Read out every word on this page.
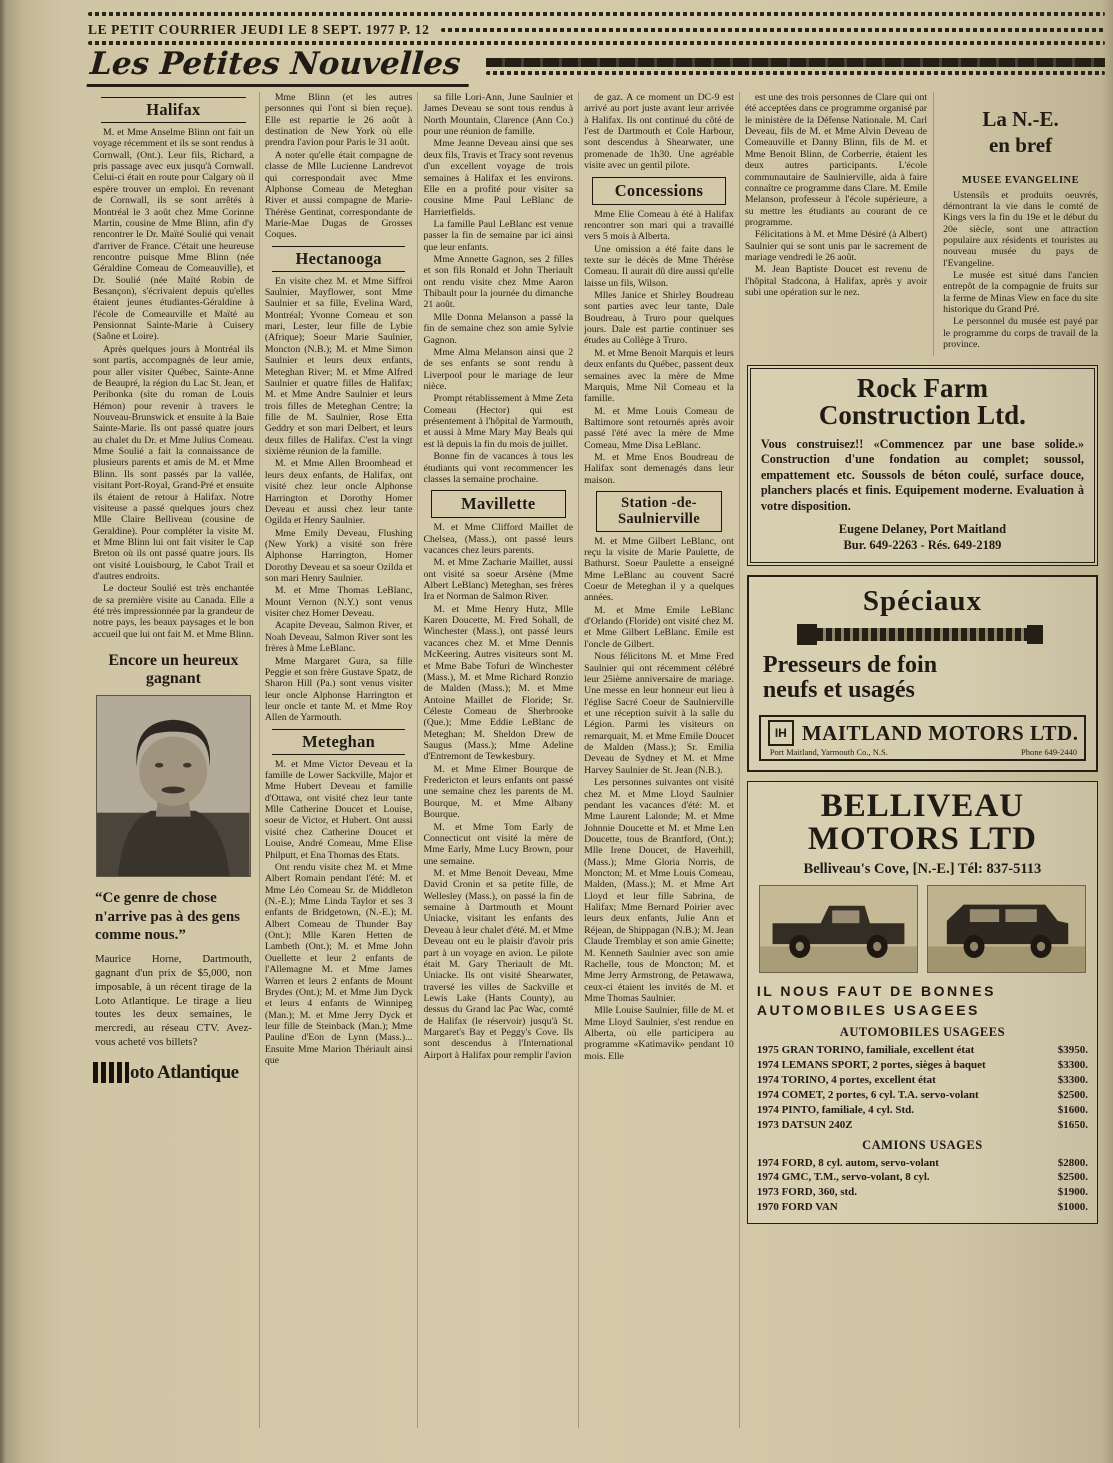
LE PETIT COURRIER JEUDI LE 8 SEPT. 1977 P. 12
Les Petites Nouvelles
Halifax

M. et Mme Anselme Blinn ont fait un voyage récemment et ils se sont rendus à Cornwall, (Ont.). Leur fils, Richard, a pris passage avec eux jusqu'à Cornwall. Celui-ci était en route pour Calgary où il espère trouver un emploi. En revenant de Cornwall, ils se sont arrêtés à Montréal le 3 août chez Mme Corinne Martin, cousine de Mme Blinn, afin d'y rencontrer le Dr. Maïté Soulié qui venait d'arriver de France. C'était une heureuse rencontre puisque Mme Blinn (née Géraldine Comeau de Comeauville), et Dr. Soulié (née Maïté Robin de Besançon), s'écrivaient depuis qu'elles étaient jeunes étudiantes-Géraldine à l'école de Comeauville et Maïté au Pensionnat Sainte-Marie à Cuisery (Saône et Loire).

Après quelques jours à Montréal ils sont partis, accompagnés de leur amie, pour aller visiter Québec, Sainte-Anne de Beaupré, la région du Lac St. Jean, et Peribonka (site du roman de Louis Hémon) pour revenir à travers le Nouveau-Brunswick et ensuite à la Baie Sainte-Marie. Ils ont passé quatre jours au chalet du Dr. et Mme Julius Comeau. Mme Soulié a fait la connaissance de plusieurs parents et amis de M. et Mme Blinn. Ils sont passés par la vallée, visitant Port-Royal, Grand-Pré et ensuite ils étaient de retour à Halifax. Notre visiteuse a passé quelques jours chez Mlle Claire Belliveau (cousine de Geraldine). Pour compléter la visite M. et Mme Blinn lui ont fait visiter le Cap Breton où ils ont passé quatre jours. Ils ont visité Louisbourg, le Cabot Trail et d'autres endroits.

Le docteur Soulié est très enchantée de sa première visite au Canada. Elle a été très impressionnée par la grandeur de notre pays, les beaux paysages et le bon accueil que lui ont fait M. et Mme Blinn.

Encore un heureux gagnant
“Ce genre de chose n'arrive pas à des gens comme nous.”

Maurice Horne, Dartmouth, gagnant d'un prix de $5,000, non imposable, à un récent tirage de la Loto Atlantique. Le tirage a lieu toutes les deux semaines, le mercredi, au réseau CTV. Avez-vous acheté vos billets?

oto Atlantique

Mme Blinn (et les autres personnes qui l'ont si bien reçue). Elle est repartie le 26 août à destination de New York où elle prendra l'avion pour Paris le 31 août.

A noter qu'elle était compagne de classe de Mlle Lucienne Landrevot qui correspondait avec Mme Alphonse Comeau de Meteghan River et aussi compagne de Marie-Thérèse Gentinat, correspondante de Marie-Mae Dugas de Grosses Coques.

Hectanooga

En visite chez M. et Mme Siffroi Saulnier, Mayflower, sont Mme Saulnier et sa fille, Evelina Ward, Montréal; Yvonne Comeau et son mari, Lester, leur fille de Lybie (Afrique); Soeur Marie Saulnier, Moncton (N.B.); M. et Mme Simon Saulnier et leurs deux enfants, Meteghan River; M. et Mme Alfred Saulnier et quatre filles de Halifax; M. et Mme Andre Saulnier et leurs trois filles de Meteghan Centre; la fille de M. Saulnier, Rose Etta Geddry et son mari Delbert, et leurs deux filles de Halifax. C'est la vingt sixième réunion de la famille.

M. et Mme Allen Broomhead et leurs deux enfants, de Halifax, ont visité chez leur oncle Alphonse Harrington et Dorothy Homer Deveau et aussi chez leur tante Ogilda et Henry Saulnier.

Mme Emily Deveau, Flushing (New York) a visité son frère Alphonse Harrington, Homer Dorothy Deveau et sa soeur Ozilda et son mari Henry Saulnier.

M. et Mme Thomas LeBlanc, Mount Vernon (N.Y.) sont venus visiter chez Homer Deveau.

Acapite Deveau, Salmon River, et Noah Deveau, Salmon River sont les frères à Mme LeBlanc.

Mme Margaret Gura, sa fille Peggie et son frère Gustave Spatz, de Sharon Hill (Pa.) sont venus visiter leur oncle Alphonse Harrington et leur oncle et tante M. et Mme Roy Allen de Yarmouth.

Meteghan

M. et Mme Victor Deveau et la famille de Lower Sackville, Major et Mme Hubert Deveau et famille d'Ottawa, ont visité chez leur tante Mlle Catherine Doucet et Louise, soeur de Victor, et Hubert. Ont aussi visité chez Catherine Doucet et Louise, André Comeau, Mme Elise Philputt, et Ena Thomas des Etats.

Ont rendu visite chez M. et Mme Albert Romain pendant l'été: M. et Mme Léo Comeau Sr. de Middleton (N.-E.); Mme Linda Taylor et ses 3 enfants de Bridgetown, (N.-E.); M. Albert Comeau de Thunder Bay (Ont.); Mlle Karen Hetten de Lambeth (Ont.); M. et Mme John Ouellette et leur 2 enfants de l'Allemagne M. et Mme James Warren et leurs 2 enfants de Mount Brydes (Ont.); M. et Mme Jim Dyck et leurs 4 enfants de Winnipeg (Man.); M. et Mme Jerry Dyck et leur fille de Steinback (Man.); Mme Pauline d'Eon de Lynn (Mass.)... Ensuite Mme Marion Thériault ainsi que

sa fille Lori-Ann, June Saulnier et James Deveau se sont tous rendus à North Mountain, Clarence (Ann Co.) pour une réunion de famille.

Mme Jeanne Deveau ainsi que ses deux fils, Travis et Tracy sont revenus d'un excellent voyage de trois semaines à Halifax et les environs. Elle en a profité pour visiter sa cousine Mme Paul LeBlanc de Harrietfields.

La famille Paul LeBlanc est venue passer la fin de semaine par ici ainsi que leur enfants.

Mme Annette Gagnon, ses 2 filles et son fils Ronald et John Theriault ont rendu visite chez Mme Aaron Thibault pour la journée du dimanche 21 août.

Mlle Donna Melanson a passé la fin de semaine chez son amie Sylvie Gagnon.

Mme Alma Melanson ainsi que 2 de ses enfants se sont rendu à Liverpool pour le mariage de leur nièce.

Prompt rétablissement à Mme Zeta Comeau (Hector) qui est présentement à l'hôpital de Yarmouth, et aussi à Mme Mary May Beals qui est là depuis la fin du mois de juillet.

Bonne fin de vacances à tous les étudiants qui vont recommencer les classes la semaine prochaine.

Mavillette

M. et Mme Clifford Maillet de Chelsea, (Mass.), ont passé leurs vacances chez leurs parents.

M. et Mme Zacharie Maillet, aussi ont visité sa soeur Arsène (Mme Albert LeBlanc) Meteghan, ses frères Ira et Norman de Salmon River.

M. et Mme Henry Hutz, Mlle Karen Doucette, M. Fred Sohall, de Winchester (Mass.), ont passé leurs vacances chez M. et Mme Dennis McKeering. Autres visiteurs sont M. et Mme Babe Tofuri de Winchester (Mass.), M. et Mme Richard Ronzio de Malden (Mass.); M. et Mme Antoine Maillet de Floride; Sr. Céleste Comeau de Sherbrooke (Que.); Mme Eddie LeBlanc de Meteghan; M. Sheldon Drew de Saugus (Mass.); Mme Adeline d'Entremont de Tewkesbury.

M. et Mme Elmer Bourque de Fredericton et leurs enfants ont passé une semaine chez les parents de M. Bourque, M. et Mme Albany Bourque.

M. et Mme Tom Early de Connecticut ont visité la mère de Mme Early, Mme Lucy Brown, pour une semaine.

M. et Mme Benoit Deveau, Mme David Cronin et sa petite fille, de Wellesley (Mass.), on passé la fin de semaine à Dartmouth et Mount Uniacke, visitant les enfants des Deveau à leur chalet d'été. M. et Mme Deveau ont eu le plaisir d'avoir pris part à un voyage en avion. Le pilote était M. Gary Theriault de Mt. Uniacke. Ils ont visité Shearwater, traversé les villes de Sackville et Lewis Lake (Hants County), au dessus du Grand lac Pac Wac, comté de Halifax (le réservoir) jusqu'à St. Margaret's Bay et Peggy's Cove. Ils sont descendus à l'International Airport à Halifax pour remplir l'avion

de gaz. A ce moment un DC-9 est arrivé au port juste avant leur arrivée à Halifax. Ils ont continué du côté de l'est de Dartmouth et Cole Harbour, sont descendus à Shearwater, une promenade de 1h30. Une agréable visite avec un gentil pilote.

Concessions

Mme Elie Comeau à été à Halifax rencontrer son mari qui a travaillé vers 5 mois à Alberta.

Une omission a été faite dans le texte sur le décès de Mme Thérèse Comeau. Il aurait dû dire aussi qu'elle laisse un fils, Wilson.

Mlles Janice et Shirley Boudreau sont parties avec leur tante, Dale Boudreau, à Truro pour quelques jours. Dale est partie continuer ses études au Collège à Truro.

M. et Mme Benoit Marquis et leurs deux enfants du Québec, passent deux semaines avec la mère de Mme Marquis, Mme Nil Comeau et la famille.

M. et Mme Louis Comeau de Baltimore sont retournés après avoir passé l'été avec la mère de Mme Comeau, Mme Disa LeBlanc.

M. et Mme Enos Boudreau de Halifax sont demenagés dans leur maison.

Station -de- Saulnierville

M. et Mme Gilbert LeBlanc, ont reçu la visite de Marie Paulette, de Bathurst. Soeur Paulette a enseigné Mme LeBlanc au couvent Sacré Coeur de Meteghan il y a quelques années.

M. et Mme Emile LeBlanc d'Orlando (Floride) ont visité chez M. et Mme Gilbert LeBlanc. Emile est l'oncle de Gilbert.

Nous félicitons M. et Mme Fred Saulnier qui ont récemment célébré leur 25ième anniversaire de mariage. Une messe en leur honneur eut lieu à l'église Sacré Coeur de Saulnierville et une réception suivit à la salle du Légion. Parmi les visiteurs on remarquait, M. et Mme Emile Doucet de Malden (Mass.); Sr. Emilia Deveau de Sydney et M. et Mme Harvey Saulnier de St. Jean (N.B.).

Les personnes suivantes ont visité chez M. et Mme Lloyd Saulnier pendant les vacances d'été: M. et Mme Laurent Lalonde; M. et Mme Johnnie Doucette et M. et Mme Len Doucette, tous de Brantford, (Ont.); Mlle Irene Doucet, de Haverhill, (Mass.); Mme Gloria Norris, de Moncton; M. et Mme Louis Comeau, Malden, (Mass.); M. et Mme Art Lloyd et leur fille Sabrina, de Halifax; Mme Bernard Poirier avec leurs deux enfants, Julie Ann et Réjean, de Shippagan (N.B.); M. Jean Claude Tremblay et son amie Ginette; M. Kenneth Saulnier avec son amie Rachelle, tous de Moncton; M. et Mme Jerry Armstrong, de Petawawa, ceux-ci étaient les invités de M. et Mme Thomas Saulnier.

Mlle Louise Saulnier, fille de M. et Mme Lloyd Saulnier, s'est rendue en Alberta, où elle participera au programme «Katimavik» pendant 10 mois. Elle

est une des trois personnes de Clare qui ont été acceptées dans ce programme organisé par le ministère de la Défense Nationale. M. Carl Deveau, fils de M. et Mme Alvin Deveau de Comeauville et Danny Blinn, fils de M. et Mme Benoit Blinn, de Corberrie, étaient les deux autres participants. L'école communautaire de Saulnierville, aida à faire connaître ce programme dans Clare. M. Emile Melanson, professeur à l'école supérieure, a su mettre les étudiants au courant de ce programme.

Félicitations à M. et Mme Désiré (à Albert) Saulnier qui se sont unis par le sacrement de mariage vendredi le 26 août.

M. Jean Baptiste Doucet est revenu de l'hôpital Stadcona, à Halifax, après y avoir subi une opération sur le nez.

La N.-E.
en bref
MUSEE EVANGELINE

Ustensils et produits oeuvrés, démontrant la vie dans le comté de Kings vers la fin du 19e et le début du 20e siècle, sont une attraction populaire aux résidents et touristes au nouveau musée du pays de l'Evangeline.

Le musée est situé dans l'ancien entrepôt de la compagnie de fruits sur la ferme de Minas View en face du site historique du Grand Pré.

Le personnel du musée est payé par le programme du corps de travail de la province.

Rock Farm
Construction Ltd.
Vous construisez!! «Commencez par une base solide.» Construction d'une fondation au complet; soussol, empattement etc. Soussols de béton coulé, surface douce, planchers placés et finis. Equipement moderne. Evaluation à votre disposition.
Eugene Delaney, Port Maitland
Bur. 649-2263 - Rés. 649-2189
Spéciaux
Presseurs de foin
neufs et usagés
IH MAITLAND MOTORS LTD.
Port Maitland, Yarmouth Co., N.S.	Phone 649-2440
BELLIVEAU
MOTORS LTD
Belliveau's Cove, [N.-E.] Tél: 837-5113
IL NOUS FAUT DE BONNES AUTOMOBILES USAGEES
AUTOMOBILES USAGEES
1975 GRAN TORINO, familiale, excellent état	$3950.
1974 LEMANS SPORT, 2 portes, sièges à baquet	$3300.
1974 TORINO, 4 portes, excellent état	$3300.
1974 COMET, 2 portes, 6 cyl. T.A. servo-volant	$2500.
1974 PINTO, familiale, 4 cyl. Std.	$1600.
1973 DATSUN 240Z	$1650.
CAMIONS USAGES
1974 FORD, 8 cyl. autom, servo-volant	$2800.
1974 GMC, T.M., servo-volant, 8 cyl.	$2500.
1973 FORD, 360, std.	$1900.
1970 FORD VAN	$1000.
